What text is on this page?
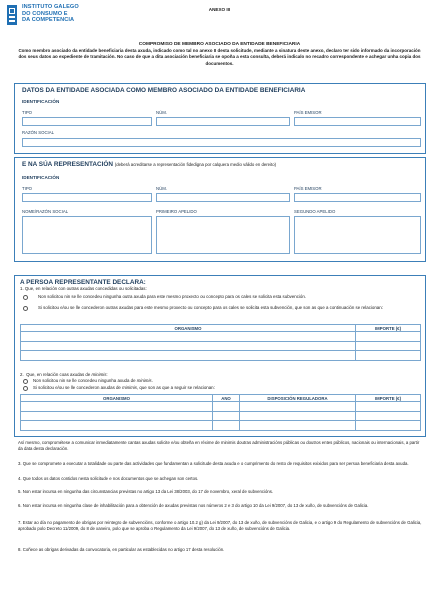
INSTITUTO GALEGO
DO CONSUMO E
DA COMPETENCIA
ANEXO III
COMPROMISO DE MEMBRO ASOCIADO DA ENTIDADE BENEFICIARIA
Como membro asociado da entidade beneficiaria desta axuda, indicado como tal no anexo II desta solicitude, mediante a sinatura deste anexo, declaro ter sido informado da incorporación dos seus datos ao expediente de tramitación. No caso de que a dita asociación beneficiaria se opoña a esta consulta, deberá indicalo no recadro correspondente e achegar unha copia dos documentos.
DATOS DA ENTIDADE ASOCIADA COMO MEMBRO ASOCIADO DA ENTIDADE BENEFICIARIA
IDENTIFICACIÓN
TIPO	NÚM.	PAÍS EMISOR
RAZÓN SOCIAL
E NA SÚA REPRESENTACIÓN (deberá acreditarse a representación fidedigna por calquera medio válido en dereito)
IDENTIFICACIÓN
TIPO	NÚM.	PAÍS EMISOR
NOME/RAZÓN SOCIAL	PRIMEIRO APELIDO	SEGUNDO APELIDO
A PERSOA REPRESENTANTE DECLARA:
1. Que, en relación con outras axudas concedidas ou solicitadas:
Non solicitou nin se lle concedeu ningunha outra axuda para este mesmo proxecto ou concepto para os cales se solicita esta subvención.
Si solicitou e/ou se lle concederon outras axudas para este mesmo proxecto ou concepto para os cales se solicita esta subvención, que son as que a continuación se relacionan:
ORGANISMO	IMPORTE (€)

2.  Que, en relación coas axudas de minimis:
Non solicitou nin se lle concedeu ningunha axuda de minimis.
Si solicitou e/ou se lle concederon axudas de minimis, que son as que a seguir se relacionan:
ORGANISMO	ANO	DISPOSICIÓN REGULADORA	IMPORTE (€)

Así mesmo, comprométese a comunicar inmediatamente cantas axudas solicite e/ou obteña en réxime de minimis doutras administracións públicas ou doutros entes públicos, nacionais ou internacionais, a partir da data desta declaración.
3. Que se compromete a executar a totalidade ou parte das actividades que fundamentan a solicitude desta axuda e o cumprimento do resto de requisitos exixidos para ser persoa beneficiaria desta axuda.
4. Que todos os datos contidos nesta solicitude e nos documentos que se achegan son certos.
5. Non estar incursa en ningunha das circunstancias previstas no artigo 13 da Lei 38/2003, do 17 de novembro, xeral de subvencións.
6. Non estar incursa en ningunha clase de inhabilitación para a obtención de axudas previstas nos números 2 e 3 do artigo 10 da Lei 9/2007, do 13 de xuño, de subvencións de Galicia.
7. Estar ao día no pagamento de obrigas por reintegro de subvencións, conforme o artigo 10.2 g) da Lei 9/2007, do 13 de xuño, de subvencións de Galicia, e o artigo 9 do Regulamento de subvencións de Galicia, aprobado polo Decreto 11/2009, do 8 de xaneiro, polo que se aproba o Regulamento da Lei 9/2007, do 13 de xuño, de subvencións de Galicia.
8. Coñece as obrigas derivadas da convocatoria, en particular as establecidas no artigo 17 desta resolución.
